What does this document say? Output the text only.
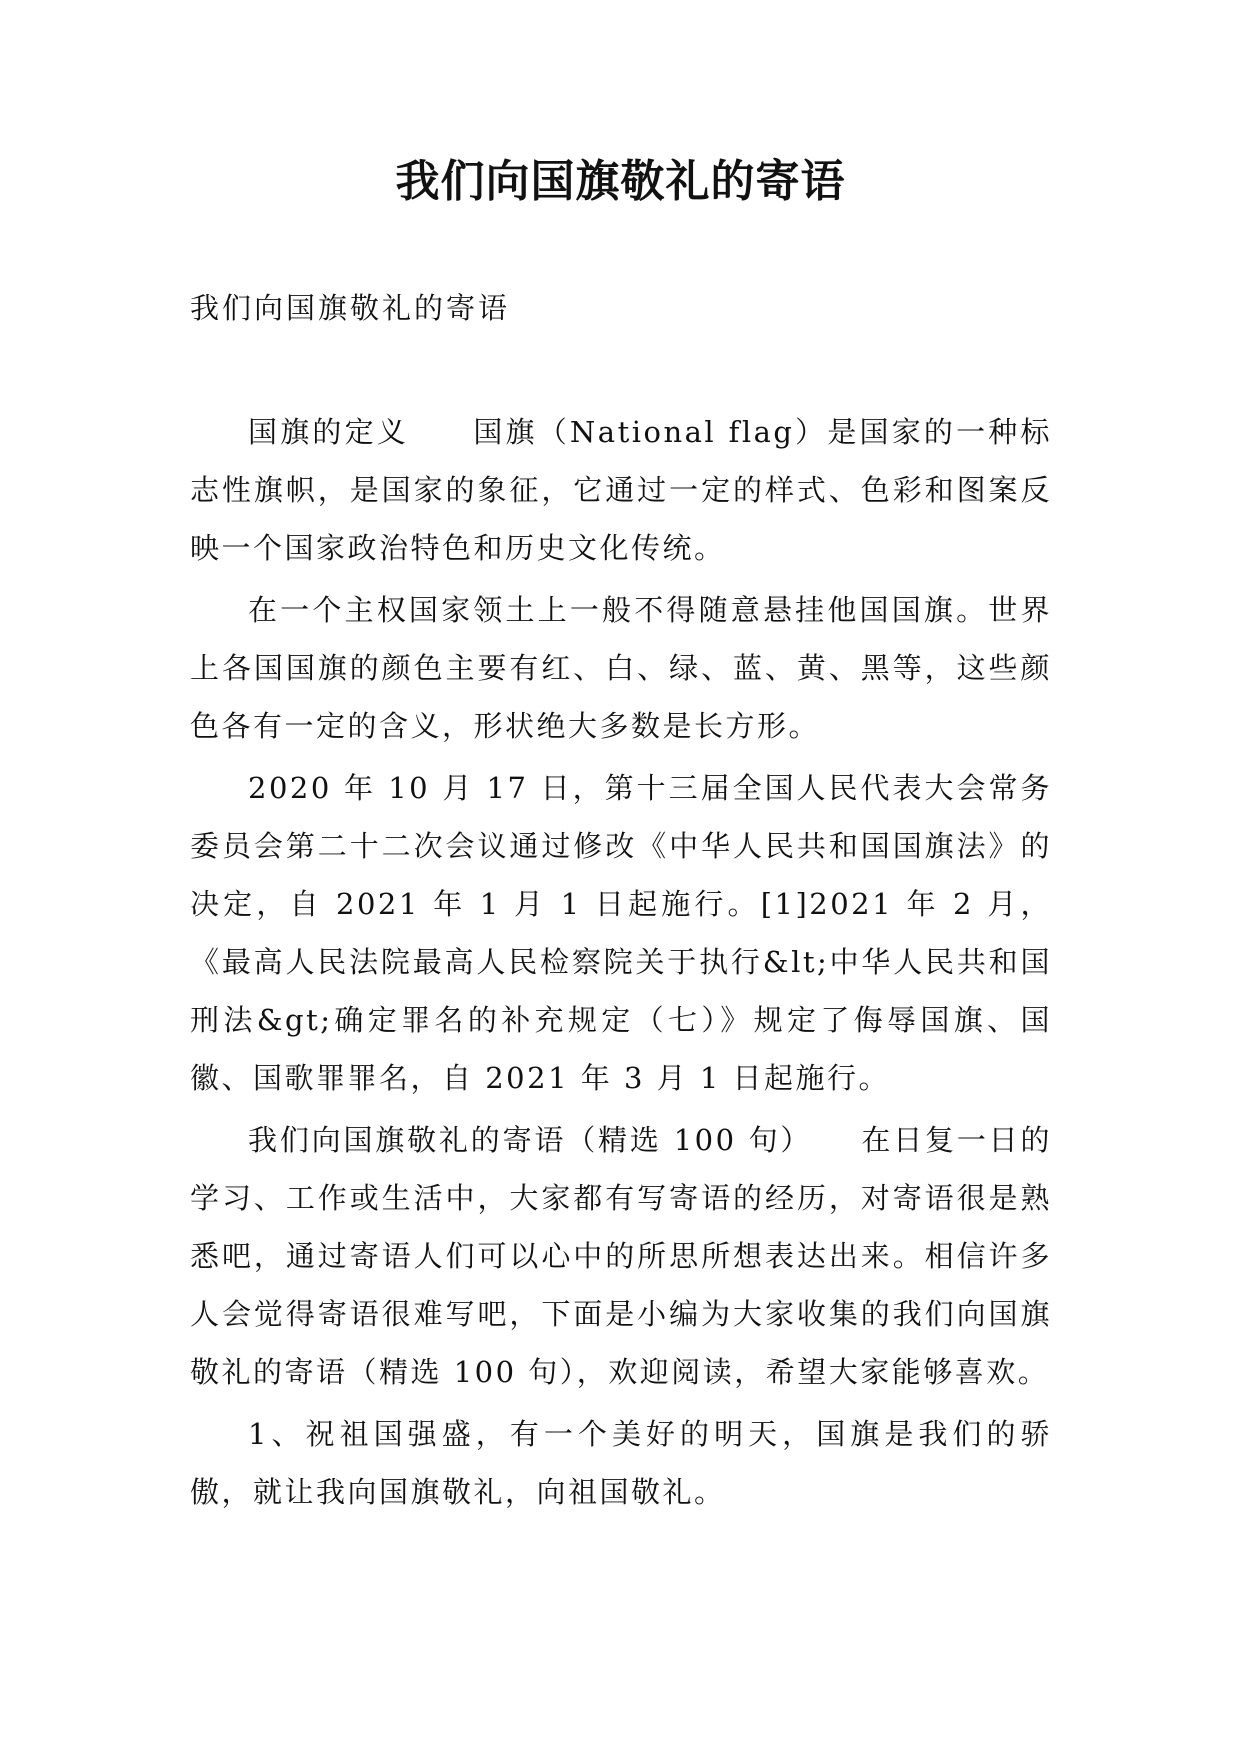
我们向国旗敬礼的寄语

我们向国旗敬礼的寄语

国旗的定义　　国旗（National flag）是国家的一种标志性旗帜，是国家的象征，它通过一定的样式、色彩和图案反映一个国家政治特色和历史文化传统。

在一个主权国家领土上一般不得随意悬挂他国国旗。世界上各国国旗的颜色主要有红、白、绿、蓝、黄、黑等，这些颜色各有一定的含义，形状绝大多数是长方形。

2020 年 10 月 17 日，第十三届全国人民代表大会常务委员会第二十二次会议通过修改《中华人民共和国国旗法》的决定，自 2021 年 1 月 1 日起施行。[1]2021 年 2 月，《最高人民法院最高人民检察院关于执行&lt;中华人民共和国刑法&gt;确定罪名的补充规定（七）》规定了侮辱国旗、国徽、国歌罪罪名，自 2021 年 3 月 1 日起施行。

我们向国旗敬礼的寄语（精选 100 句）　　在日复一日的学习、工作或生活中，大家都有写寄语的经历，对寄语很是熟悉吧，通过寄语人们可以心中的所思所想表达出来。相信许多人会觉得寄语很难写吧，下面是小编为大家收集的我们向国旗敬礼的寄语（精选 100 句），欢迎阅读，希望大家能够喜欢。

1、祝祖国强盛，有一个美好的明天，国旗是我们的骄傲，就让我向国旗敬礼，向祖国敬礼。
